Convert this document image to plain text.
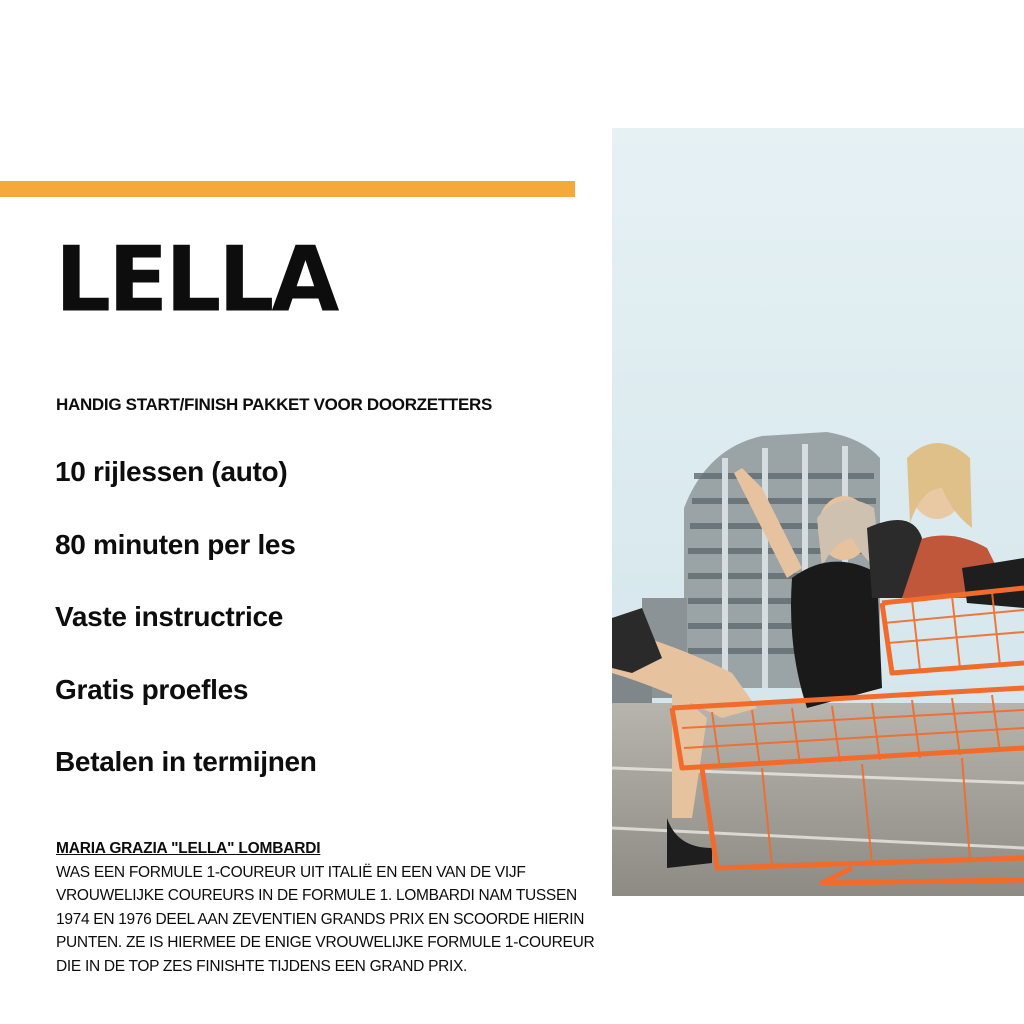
LELLA
HANDIG START/FINISH PAKKET VOOR DOORZETTERS
10 rijlessen (auto)
80 minuten per les
Vaste instructrice
Gratis proefles
Betalen in termijnen
MARIA GRAZIA "LELLA" LOMBARDI
WAS EEN FORMULE 1-COUREUR UIT ITALIË EN EEN VAN DE VIJF VROUWELIJKE COUREURS IN DE FORMULE 1. LOMBARDI NAM TUSSEN 1974 EN 1976 DEEL AAN ZEVENTIEN GRANDS PRIX EN SCOORDE HIERIN PUNTEN. ZE IS HIERMEE DE ENIGE VROUWELIJKE FORMULE 1-COUREUR DIE IN DE TOP ZES FINISHTE TIJDENS EEN GRAND PRIX.
